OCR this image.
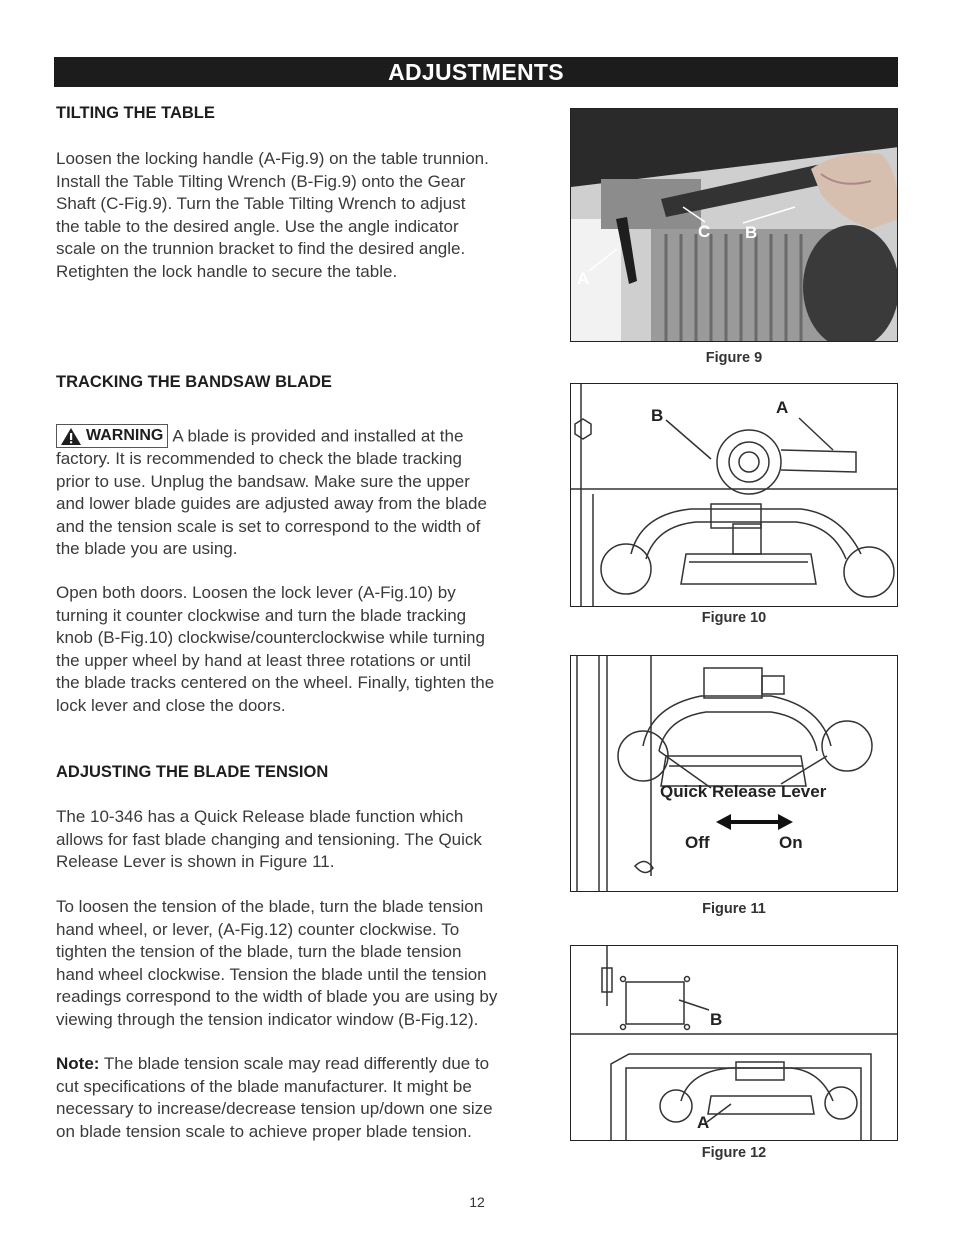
ADJUSTMENTS
TILTING THE TABLE
Loosen the locking handle (A-Fig.9) on the table trunnion.
Install the Table Tilting Wrench (B-Fig.9) onto the Gear
Shaft (C-Fig.9). Turn the Table Tilting Wrench to adjust
the table to the desired angle. Use the angle indicator
scale on the trunnion bracket to find the desired angle.
Retighten the lock handle to secure the table.
TRACKING THE BANDSAW BLADE
WARNING A blade is provided and installed at the
factory. It is recommended to check the blade tracking
prior to use. Unplug the bandsaw. Make sure the upper
and lower blade guides are adjusted away from the blade
and the tension scale is set to correspond to the width of
the blade you are using.
Open both doors. Loosen the lock lever (A-Fig.10) by
turning it counter clockwise and turn the blade tracking
knob (B-Fig.10) clockwise/counterclockwise while turning
the upper wheel by hand at least three rotations or until
the blade tracks centered on the wheel. Finally, tighten the
lock lever and close the doors.
ADJUSTING THE BLADE TENSION
The 10-346 has a Quick Release blade function which
allows for fast blade changing and tensioning. The Quick
Release Lever is shown in Figure 11.
To loosen the tension of the blade, turn the blade tension
hand wheel, or lever, (A-Fig.12) counter clockwise. To
tighten the tension of the blade, turn the blade tension
hand wheel clockwise. Tension the blade until the tension
readings correspond to the width of blade you are using by
viewing through the tension indicator window (B-Fig.12).
Note: The blade tension scale may read differently due to
cut specifications of the blade manufacturer. It might be
necessary to increase/decrease tension up/down one size
on blade tension scale to achieve proper blade tension.
A
C B
Figure 9
B	A
Figure 10
Quick Release Lever
Off	On
Figure 11
B
A
Figure 12
12
